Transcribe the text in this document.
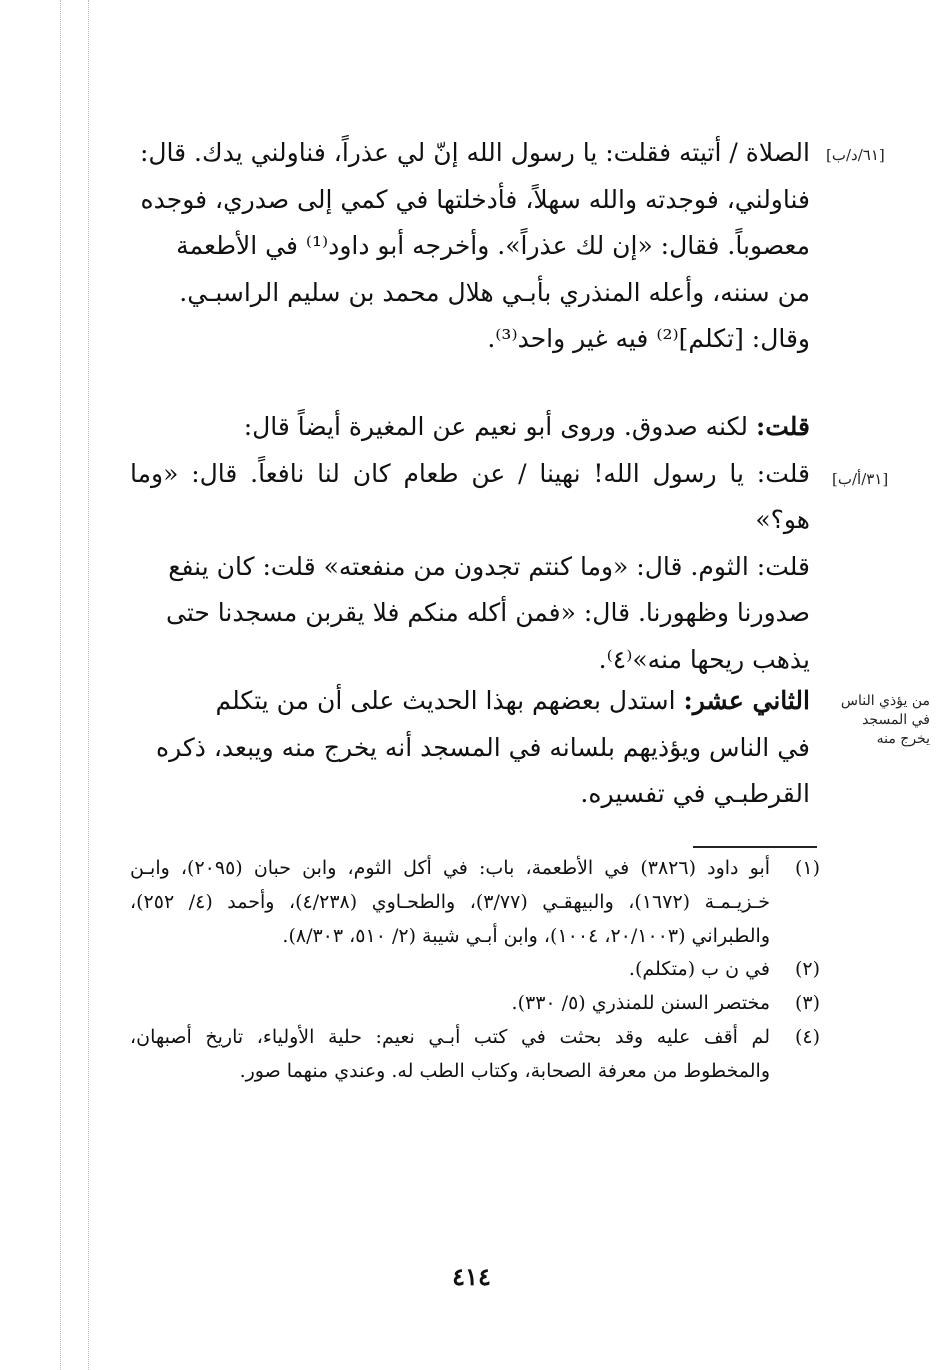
[٦١/د/ب]
[٣١/أ/ب]
من يؤذي الناس
في المسجد
يخرج منه

الصلاة / أتيته فقلت: يا رسول الله إنّ لي عذراً، فناولني يدك. قال:

فناولني، فوجدته والله سهلاً، فأدخلتها في كمي إلى صدري، فوجده

معصوباً. فقال: «إن لك عذراً». وأخرجه أبو داود⁽¹⁾ في الأطعمة

من سننه، وأعله المنذري بأبـي هلال محمد بن سليم الراسبـي.

وقال: [تكلم]⁽²⁾ فيه غير واحد⁽³⁾.

قلت: لكنه صدوق. وروى أبو نعيم عن المغيرة أيضاً قال:

قلت: يا رسول الله! نهينا / عن طعام كان لنا نافعاً. قال: «وما هو؟»

قلت: الثوم. قال: «وما كنتم تجدون من منفعته» قلت: كان ينفع

صدورنا وظهورنا. قال: «فمن أكله منكم فلا يقربن مسجدنا حتى

يذهب ريحها منه»⁽٤⁾.

الثاني عشر: استدل بعضهم بهذا الحديث على أن من يتكلم

في الناس ويؤذيهم بلسانه في المسجد أنه يخرج منه ويبعد، ذكره

القرطبـي في تفسيره.

(١)
أبو داود (٣٨٢٦) في الأطعمة، باب: في أكل الثوم، وابن حبان (٢٠٩٥)، وابـن خـزيـمـة (١٦٧٢)، والبيهقـي (٣/٧٧)، والطحـاوي (٤/٢٣٨)، وأحمد (٤/ ٢٥٢)، والطبراني (٢٠/١٠٠٣، ١٠٠٤)، وابن أبـي شيبة (٢/ ٥١٠، ٨/٣٠٣).
(٢)
في ن ب (متكلم).
(٣)
مختصر السنن للمنذري (٥/ ٣٣٠).
(٤)
لم أقف عليه وقد بحثت في كتب أبـي نعيم: حلية الأولياء، تاريخ أصبهان، والمخطوط من معرفة الصحابة، وكتاب الطب له. وعندي منهما صور.
٤١٤
